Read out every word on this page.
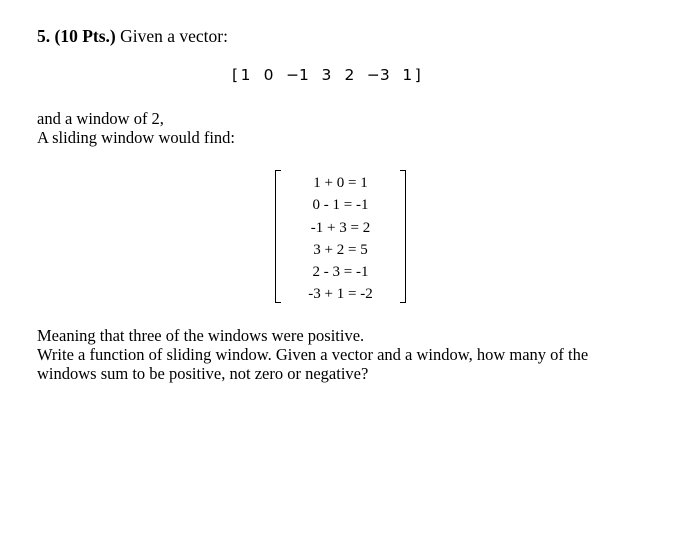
5. (10 Pts.) Given a vector:
[ 1 0 −1 3 2 −3 1 ]
and a window of 2,
A sliding window would find:
1 + 0 = 1
0 - 1 = -1
-1 + 3 = 2
3 + 2 = 5
2 - 3 = -1
-3 + 1 = -2
Meaning that three of the windows were positive.
Write a function of sliding window. Given a vector and a window, how many of the
windows sum to be positive, not zero or negative?
